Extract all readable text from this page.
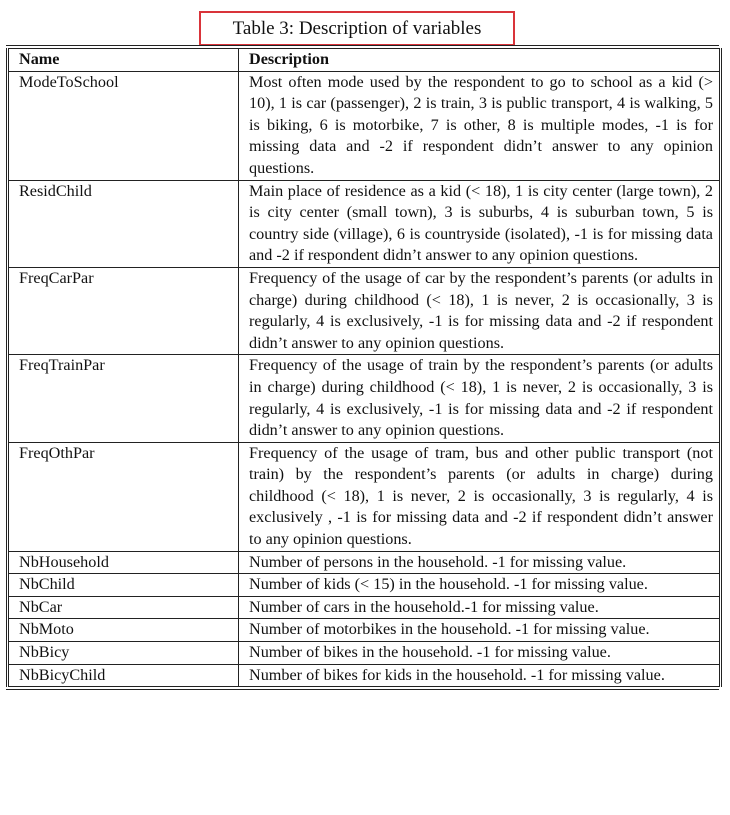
Table 3: Description of variables
Name	Description
ModeToSchool	Most often mode used by the respondent to go to school as a kid (> 10), 1 is car (passenger), 2 is train, 3 is public transport, 4 is walking, 5 is biking, 6 is motorbike, 7 is other, 8 is multiple modes, -1 is for missing data and -2 if respondent didn’t answer to any opinion questions.
ResidChild	Main place of residence as a kid (< 18), 1 is city center (large town), 2 is city center (small town), 3 is suburbs, 4 is suburban town, 5 is country side (village), 6 is countryside (isolated), -1 is for missing data and -2 if respondent didn’t answer to any opinion questions.
FreqCarPar	Frequency of the usage of car by the respondent’s parents (or adults in charge) during childhood (< 18), 1 is never, 2 is occasionally, 3 is regularly, 4 is exclusively, -1 is for missing data and -2 if respondent didn’t answer to any opinion questions.
FreqTrainPar	Frequency of the usage of train by the respondent’s parents (or adults in charge) during childhood (< 18), 1 is never, 2 is occasionally, 3 is regularly, 4 is exclusively, -1 is for missing data and -2 if respondent didn’t answer to any opinion questions.
FreqOthPar	Frequency of the usage of tram, bus and other public transport (not train) by the respondent’s parents (or adults in charge) during childhood (< 18), 1 is never, 2 is occasionally, 3 is regularly, 4 is exclusively , -1 is for missing data and -2 if respondent didn’t answer to any opinion questions.
NbHousehold	Number of persons in the household. -1 for missing value.
NbChild	Number of kids (< 15) in the household. -1 for missing value.
NbCar	Number of cars in the household.-1 for missing value.
NbMoto	Number of motorbikes in the household. -1 for missing value.
NbBicy	Number of bikes in the household. -1 for missing value.
NbBicyChild	Number of bikes for kids in the household. -1 for missing value.
